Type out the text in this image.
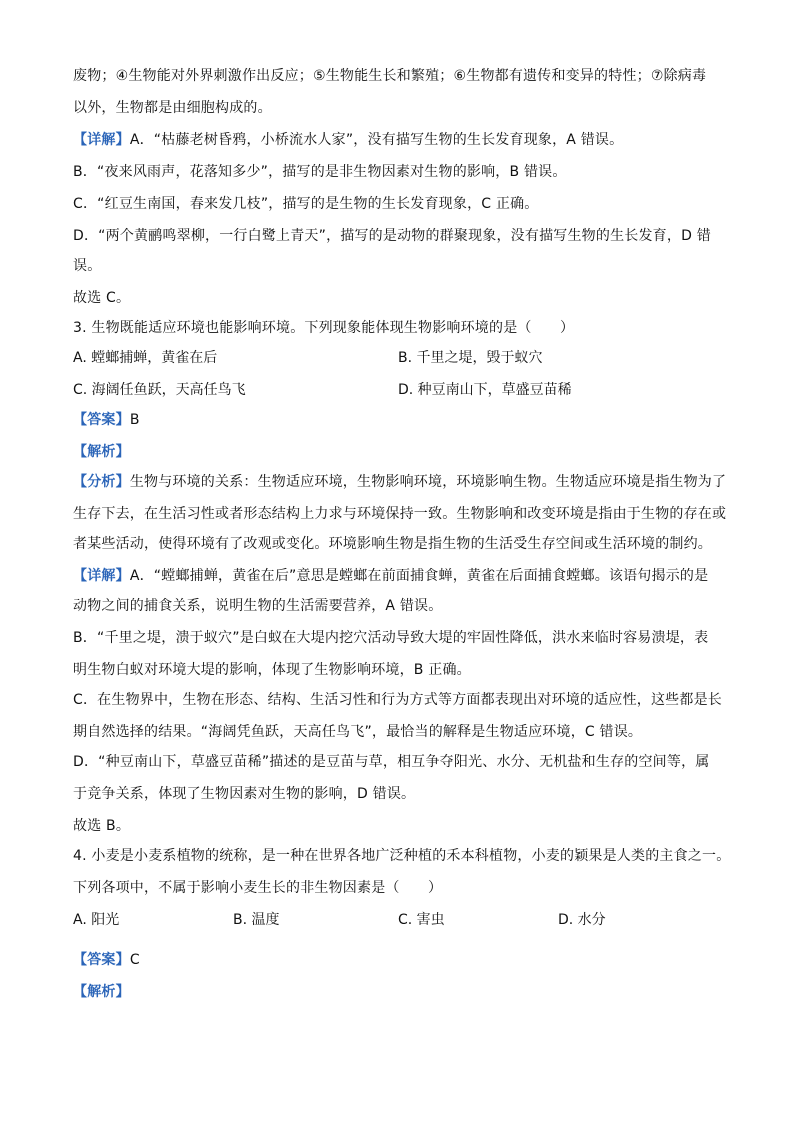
废物；④生物能对外界刺激作出反应；⑤生物能生长和繁殖；⑥生物都有遗传和变异的特性；⑦除病毒
以外，生物都是由细胞构成的。
【详解】A．“枯藤老树昏鸦，小桥流水人家”，没有描写生物的生长发育现象，A 错误。
B．“夜来风雨声，花落知多少”，描写的是非生物因素对生物的影响，B 错误。
C．“红豆生南国，春来发几枝”，描写的是生物的生长发育现象，C 正确。
D．“两个黄鹂鸣翠柳，一行白鹭上青天”，描写的是动物的群聚现象，没有描写生物的生长发育，D 错
误。
故选 C。
3. 生物既能适应环境也能影响环境。下列现象能体现生物影响环境的是（　　）
A. 螳螂捕蝉，黄雀在后	B. 千里之堤，毁于蚁穴
C. 海阔任鱼跃，天高任鸟飞	D. 种豆南山下，草盛豆苗稀
【答案】B
【解析】
【分析】生物与环境的关系：生物适应环境，生物影响环境，环境影响生物。生物适应环境是指生物为了
生存下去，在生活习性或者形态结构上力求与环境保持一致。生物影响和改变环境是指由于生物的存在或
者某些活动，使得环境有了改观或变化。环境影响生物是指生物的生活受生存空间或生活环境的制约。
【详解】A．“螳螂捕蝉，黄雀在后”意思是螳螂在前面捕食蝉，黄雀在后面捕食螳螂。该语句揭示的是
动物之间的捕食关系，说明生物的生活需要营养，A 错误。
B．“千里之堤，溃于蚁穴”是白蚁在大堤内挖穴活动导致大堤的牢固性降低，洪水来临时容易溃堤，表
明生物白蚁对环境大堤的影响，体现了生物影响环境，B 正确。
C．在生物界中，生物在形态、结构、生活习性和行为方式等方面都表现出对环境的适应性，这些都是长
期自然选择的结果。“海阔凭鱼跃，天高任鸟飞”，最恰当的解释是生物适应环境，C 错误。
D．“种豆南山下，草盛豆苗稀”描述的是豆苗与草，相互争夺阳光、水分、无机盐和生存的空间等，属
于竞争关系，体现了生物因素对生物的影响，D 错误。
故选 B。
4. 小麦是小麦系植物的统称，是一种在世界各地广泛种植的禾本科植物，小麦的颖果是人类的主食之一。
下列各项中，不属于影响小麦生长的非生物因素是（　　）
A. 阳光	B. 温度	C. 害虫	D. 水分
【答案】C
【解析】
